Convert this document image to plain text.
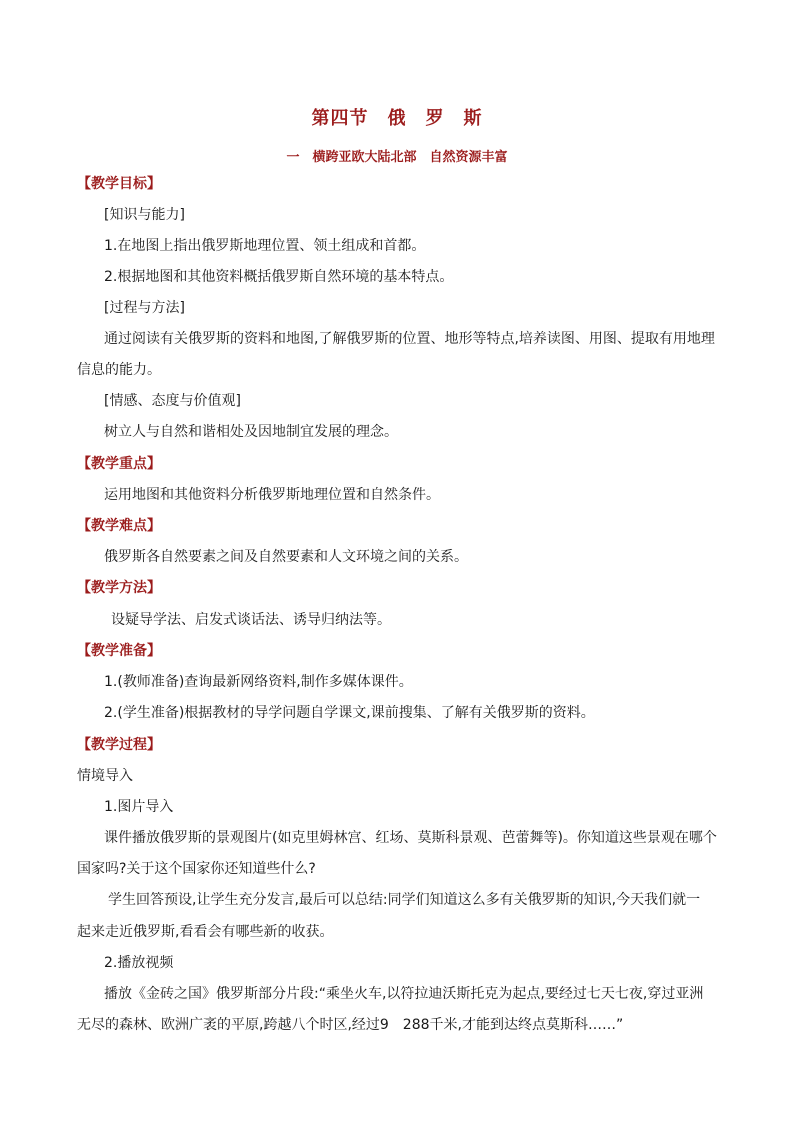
第四节　俄　罗　斯
一　横跨亚欧大陆北部　自然资源丰富
【教学目标】
[知识与能力]
1.在地图上指出俄罗斯地理位置、领土组成和首都。
2.根据地图和其他资料概括俄罗斯自然环境的基本特点。
[过程与方法]
通过阅读有关俄罗斯的资料和地图,了解俄罗斯的位置、地形等特点,培养读图、用图、提取有用地理
信息的能力。
[情感、态度与价值观]
树立人与自然和谐相处及因地制宜发展的理念。
【教学重点】
运用地图和其他资料分析俄罗斯地理位置和自然条件。
【教学难点】
俄罗斯各自然要素之间及自然要素和人文环境之间的关系。
【教学方法】
设疑导学法、启发式谈话法、诱导归纳法等。
【教学准备】
1.(教师准备)查询最新网络资料,制作多媒体课件。
2.(学生准备)根据教材的导学问题自学课文,课前搜集、了解有关俄罗斯的资料。
【教学过程】
情境导入
1.图片导入
课件播放俄罗斯的景观图片(如克里姆林宫、红场、莫斯科景观、芭蕾舞等)。你知道这些景观在哪个
国家吗?关于这个国家你还知道些什么?
学生回答预设,让学生充分发言,最后可以总结:同学们知道这么多有关俄罗斯的知识,今天我们就一
起来走近俄罗斯,看看会有哪些新的收获。
2.播放视频
播放《金砖之国》俄罗斯部分片段:“乘坐火车,以符拉迪沃斯托克为起点,要经过七天七夜,穿过亚洲
无尽的森林、欧洲广袤的平原,跨越八个时区,经过9　288千米,才能到达终点莫斯科……”
